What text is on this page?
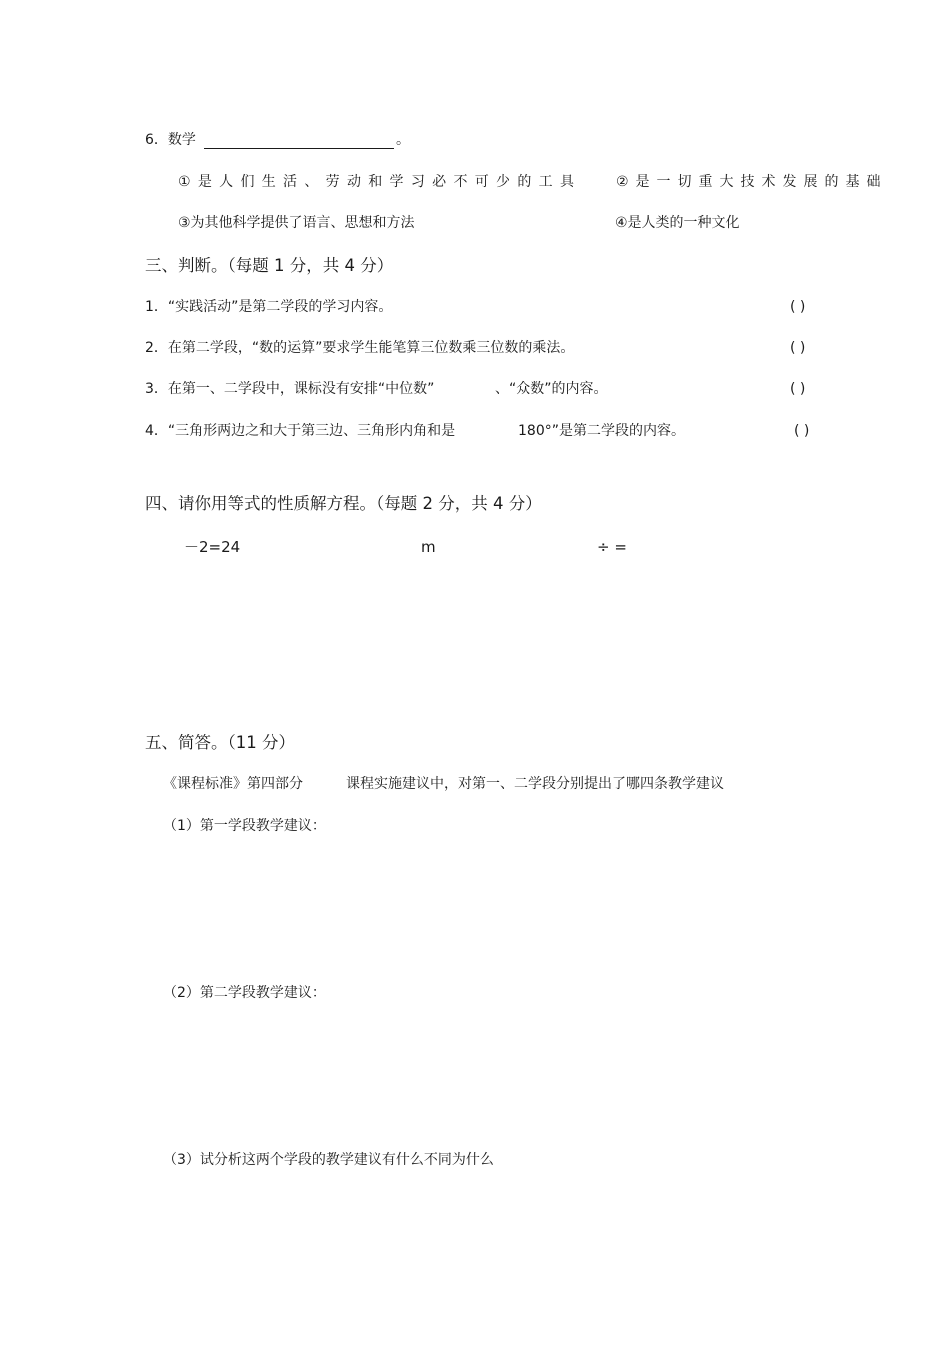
6．数学	。
①是人们生活、劳动和学习必不可少的工具 ②是一切重大技术发展的基础
③为其他科学提供了语言、思想和方法	④是人类的一种文化
三、判断。（每题 1 分，共 4 分）
1．“实践活动”是第二学段的学习内容。	( )
2．在第二学段，“数的运算”要求学生能笔算三位数乘三位数的乘法。	( )
3．在第一、二学段中，课标没有安排“中位数”	、“众数”的内容。	( )
4．“三角形两边之和大于第三边、三角形内角和是	180°”是第二学段的内容。	( )
四、请你用等式的性质解方程。（每题 2 分，共 4 分）
－2=24	m	÷ =
五、简答。（11 分）
《课程标准》第四部分	课程实施建议中，对第一、二学段分别提出了哪四条教学建议
（1）第一学段教学建议：
（2）第二学段教学建议：
（3）试分析这两个学段的教学建议有什么不同为什么
